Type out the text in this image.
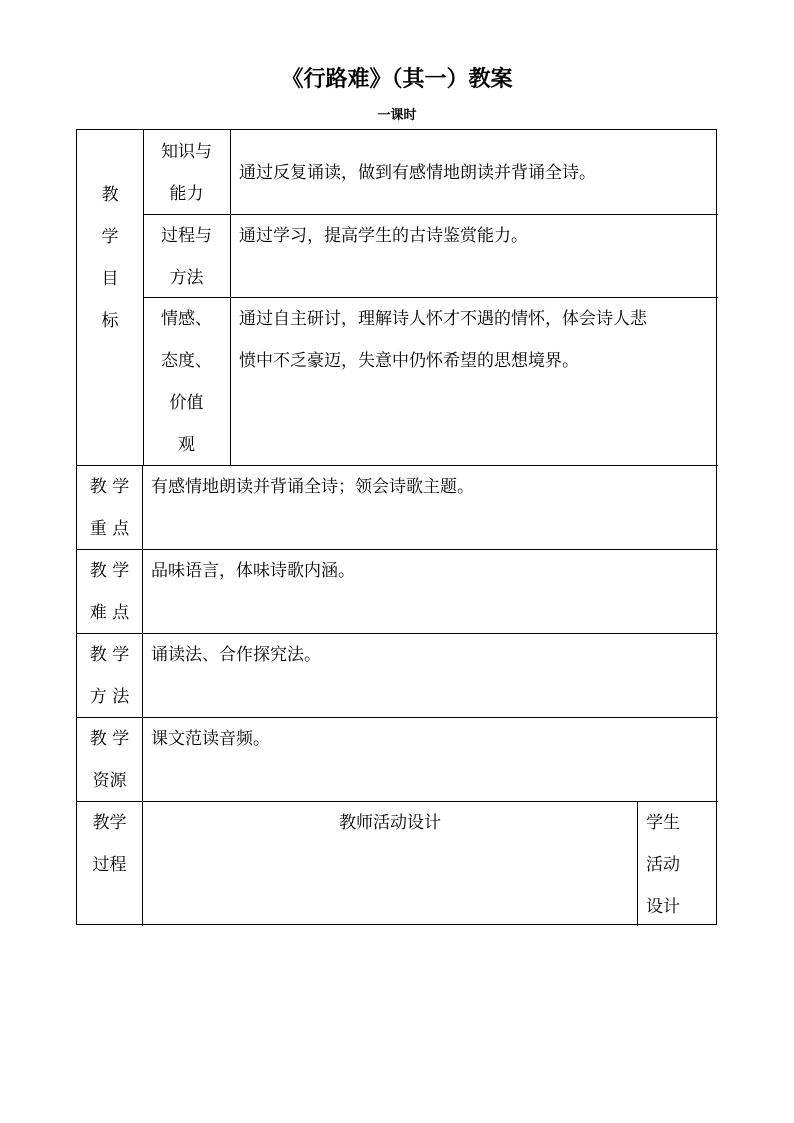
《行路难》（其一）教案
一课时
教
学
目
标
知识与
能力
通过反复诵读，做到有感情地朗读并背诵全诗。
过程与
方法
通过学习，提高学生的古诗鉴赏能力。
情感、
态度、
价值
观
通过自主研讨，理解诗人怀才不遇的情怀，体会诗人悲
愤中不乏豪迈，失意中仍怀希望的思想境界。
教 学
重 点
有感情地朗读并背诵全诗；领会诗歌主题。
教 学
难 点
品味语言，体味诗歌内涵。
教 学
方 法
诵读法、合作探究法。
教 学
资源
课文范读音频。
教学
过程
教师活动设计	学生
活动
设计
